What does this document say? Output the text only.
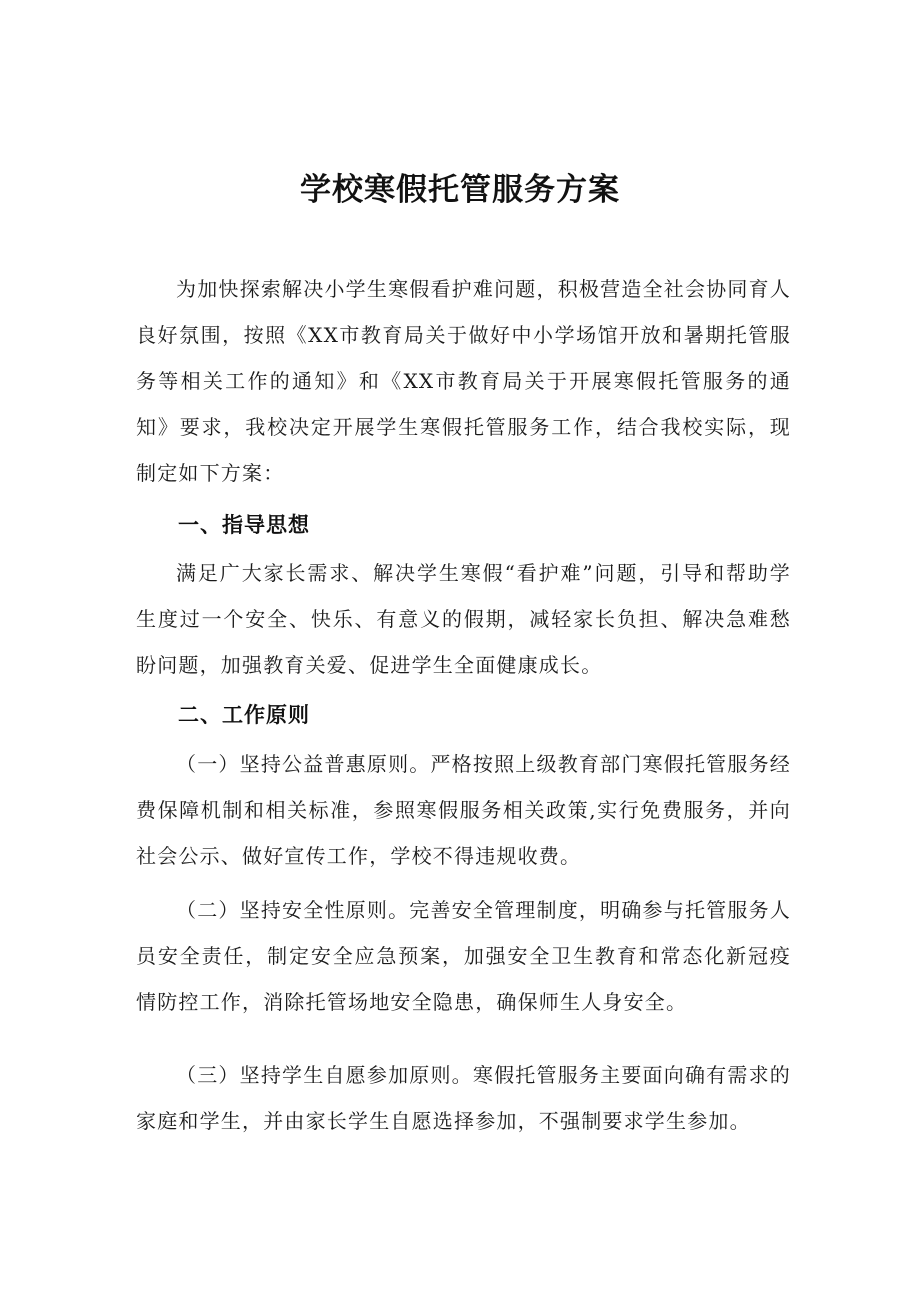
学校寒假托管服务方案

为加快探索解决小学生寒假看护难问题，积极营造全社会协同育人良好氛围，按照《XX市教育局关于做好中小学场馆开放和暑期托管服务等相关工作的通知》和《XX市教育局关于开展寒假托管服务的通知》要求，我校决定开展学生寒假托管服务工作，结合我校实际，现制定如下方案：

一、指导思想

满足广大家长需求、解决学生寒假“看护难”问题，引导和帮助学生度过一个安全、快乐、有意义的假期，减轻家长负担、解决急难愁盼问题，加强教育关爱、促进学生全面健康成长。

二、工作原则

（一）坚持公益普惠原则。严格按照上级教育部门寒假托管服务经费保障机制和相关标准，参照寒假服务相关政策,实行免费服务，并向社会公示、做好宣传工作，学校不得违规收费。

（二）坚持安全性原则。完善安全管理制度，明确参与托管服务人员安全责任，制定安全应急预案，加强安全卫生教育和常态化新冠疫情防控工作，消除托管场地安全隐患，确保师生人身安全。

（三）坚持学生自愿参加原则。寒假托管服务主要面向确有需求的家庭和学生，并由家长学生自愿选择参加，不强制要求学生参加。
